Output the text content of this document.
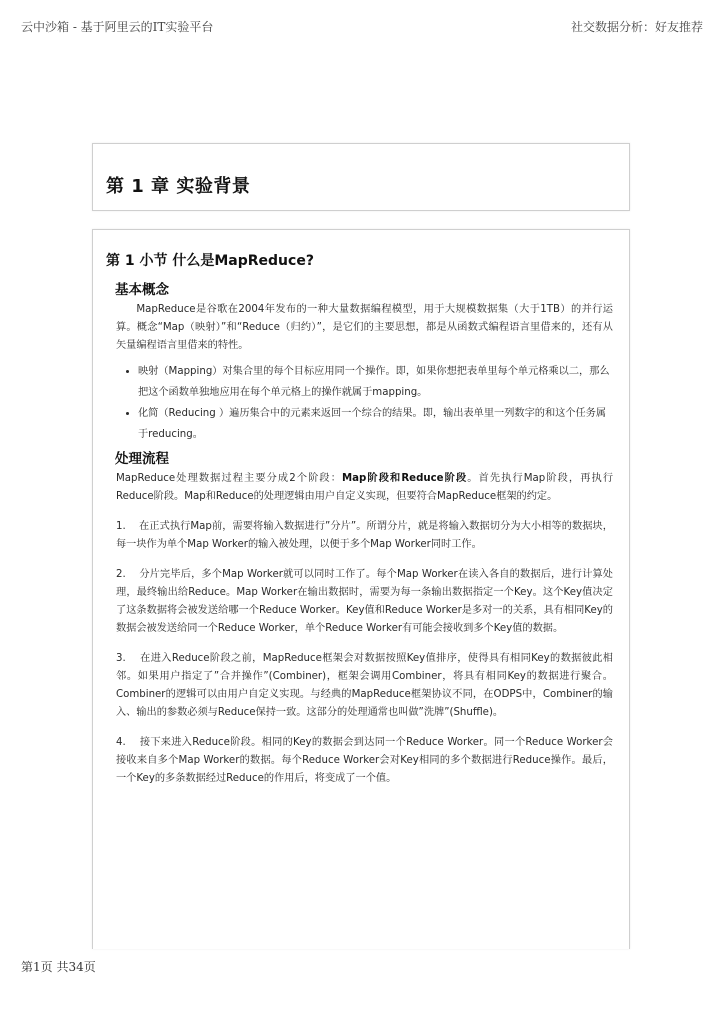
云中沙箱 - 基于阿里云的IT实验平台	社交数据分析：好友推荐
第 1 章 实验背景
第 1 小节 什么是MapReduce?
基本概念

MapReduce是谷歌在2004年发布的一种大量数据编程模型，用于大规模数据集（大于1TB）的并行运算。概念“Map（映射）”和“Reduce（归约）”，是它们的主要思想，都是从函数式编程语言里借来的，还有从矢量编程语言里借来的特性。

• 映射（Mapping）对集合里的每个目标应用同一个操作。即，如果你想把表单里每个单元格乘以二，那么把这个函数单独地应用在每个单元格上的操作就属于mapping。
• 化简（Reducing ）遍历集合中的元素来返回一个综合的结果。即，输出表单里一列数字的和这个任务属于reducing。
处理流程

MapReduce处理数据过程主要分成2个阶段：Map阶段和Reduce阶段。首先执行Map阶段，再执行Reduce阶段。Map和Reduce的处理逻辑由用户自定义实现，但要符合MapReduce框架的约定。

1.    在正式执行Map前，需要将输入数据进行”分片”。所谓分片，就是将输入数据切分为大小相等的数据块，每一块作为单个Map Worker的输入被处理，以便于多个Map Worker同时工作。

2.    分片完毕后，多个Map Worker就可以同时工作了。每个Map Worker在读入各自的数据后，进行计算处理，最终输出给Reduce。Map Worker在输出数据时，需要为每一条输出数据指定一个Key。这个Key值决定了这条数据将会被发送给哪一个Reduce Worker。Key值和Reduce Worker是多对一的关系，具有相同Key的数据会被发送给同一个Reduce Worker，单个Reduce Worker有可能会接收到多个Key值的数据。

3.    在进入Reduce阶段之前，MapReduce框架会对数据按照Key值排序，使得具有相同Key的数据彼此相邻。如果用户指定了”合并操作”(Combiner)，框架会调用Combiner，将具有相同Key的数据进行聚合。Combiner的逻辑可以由用户自定义实现。与经典的MapReduce框架协议不同，在ODPS中，Combiner的输入、输出的参数必须与Reduce保持一致。这部分的处理通常也叫做”洗牌”(Shuffle)。

4.    接下来进入Reduce阶段。相同的Key的数据会到达同一个Reduce Worker。同一个Reduce Worker会接收来自多个Map Worker的数据。每个Reduce Worker会对Key相同的多个数据进行Reduce操作。最后，一个Key的多条数据经过Reduce的作用后，将变成了一个值。

第1页 共34页
